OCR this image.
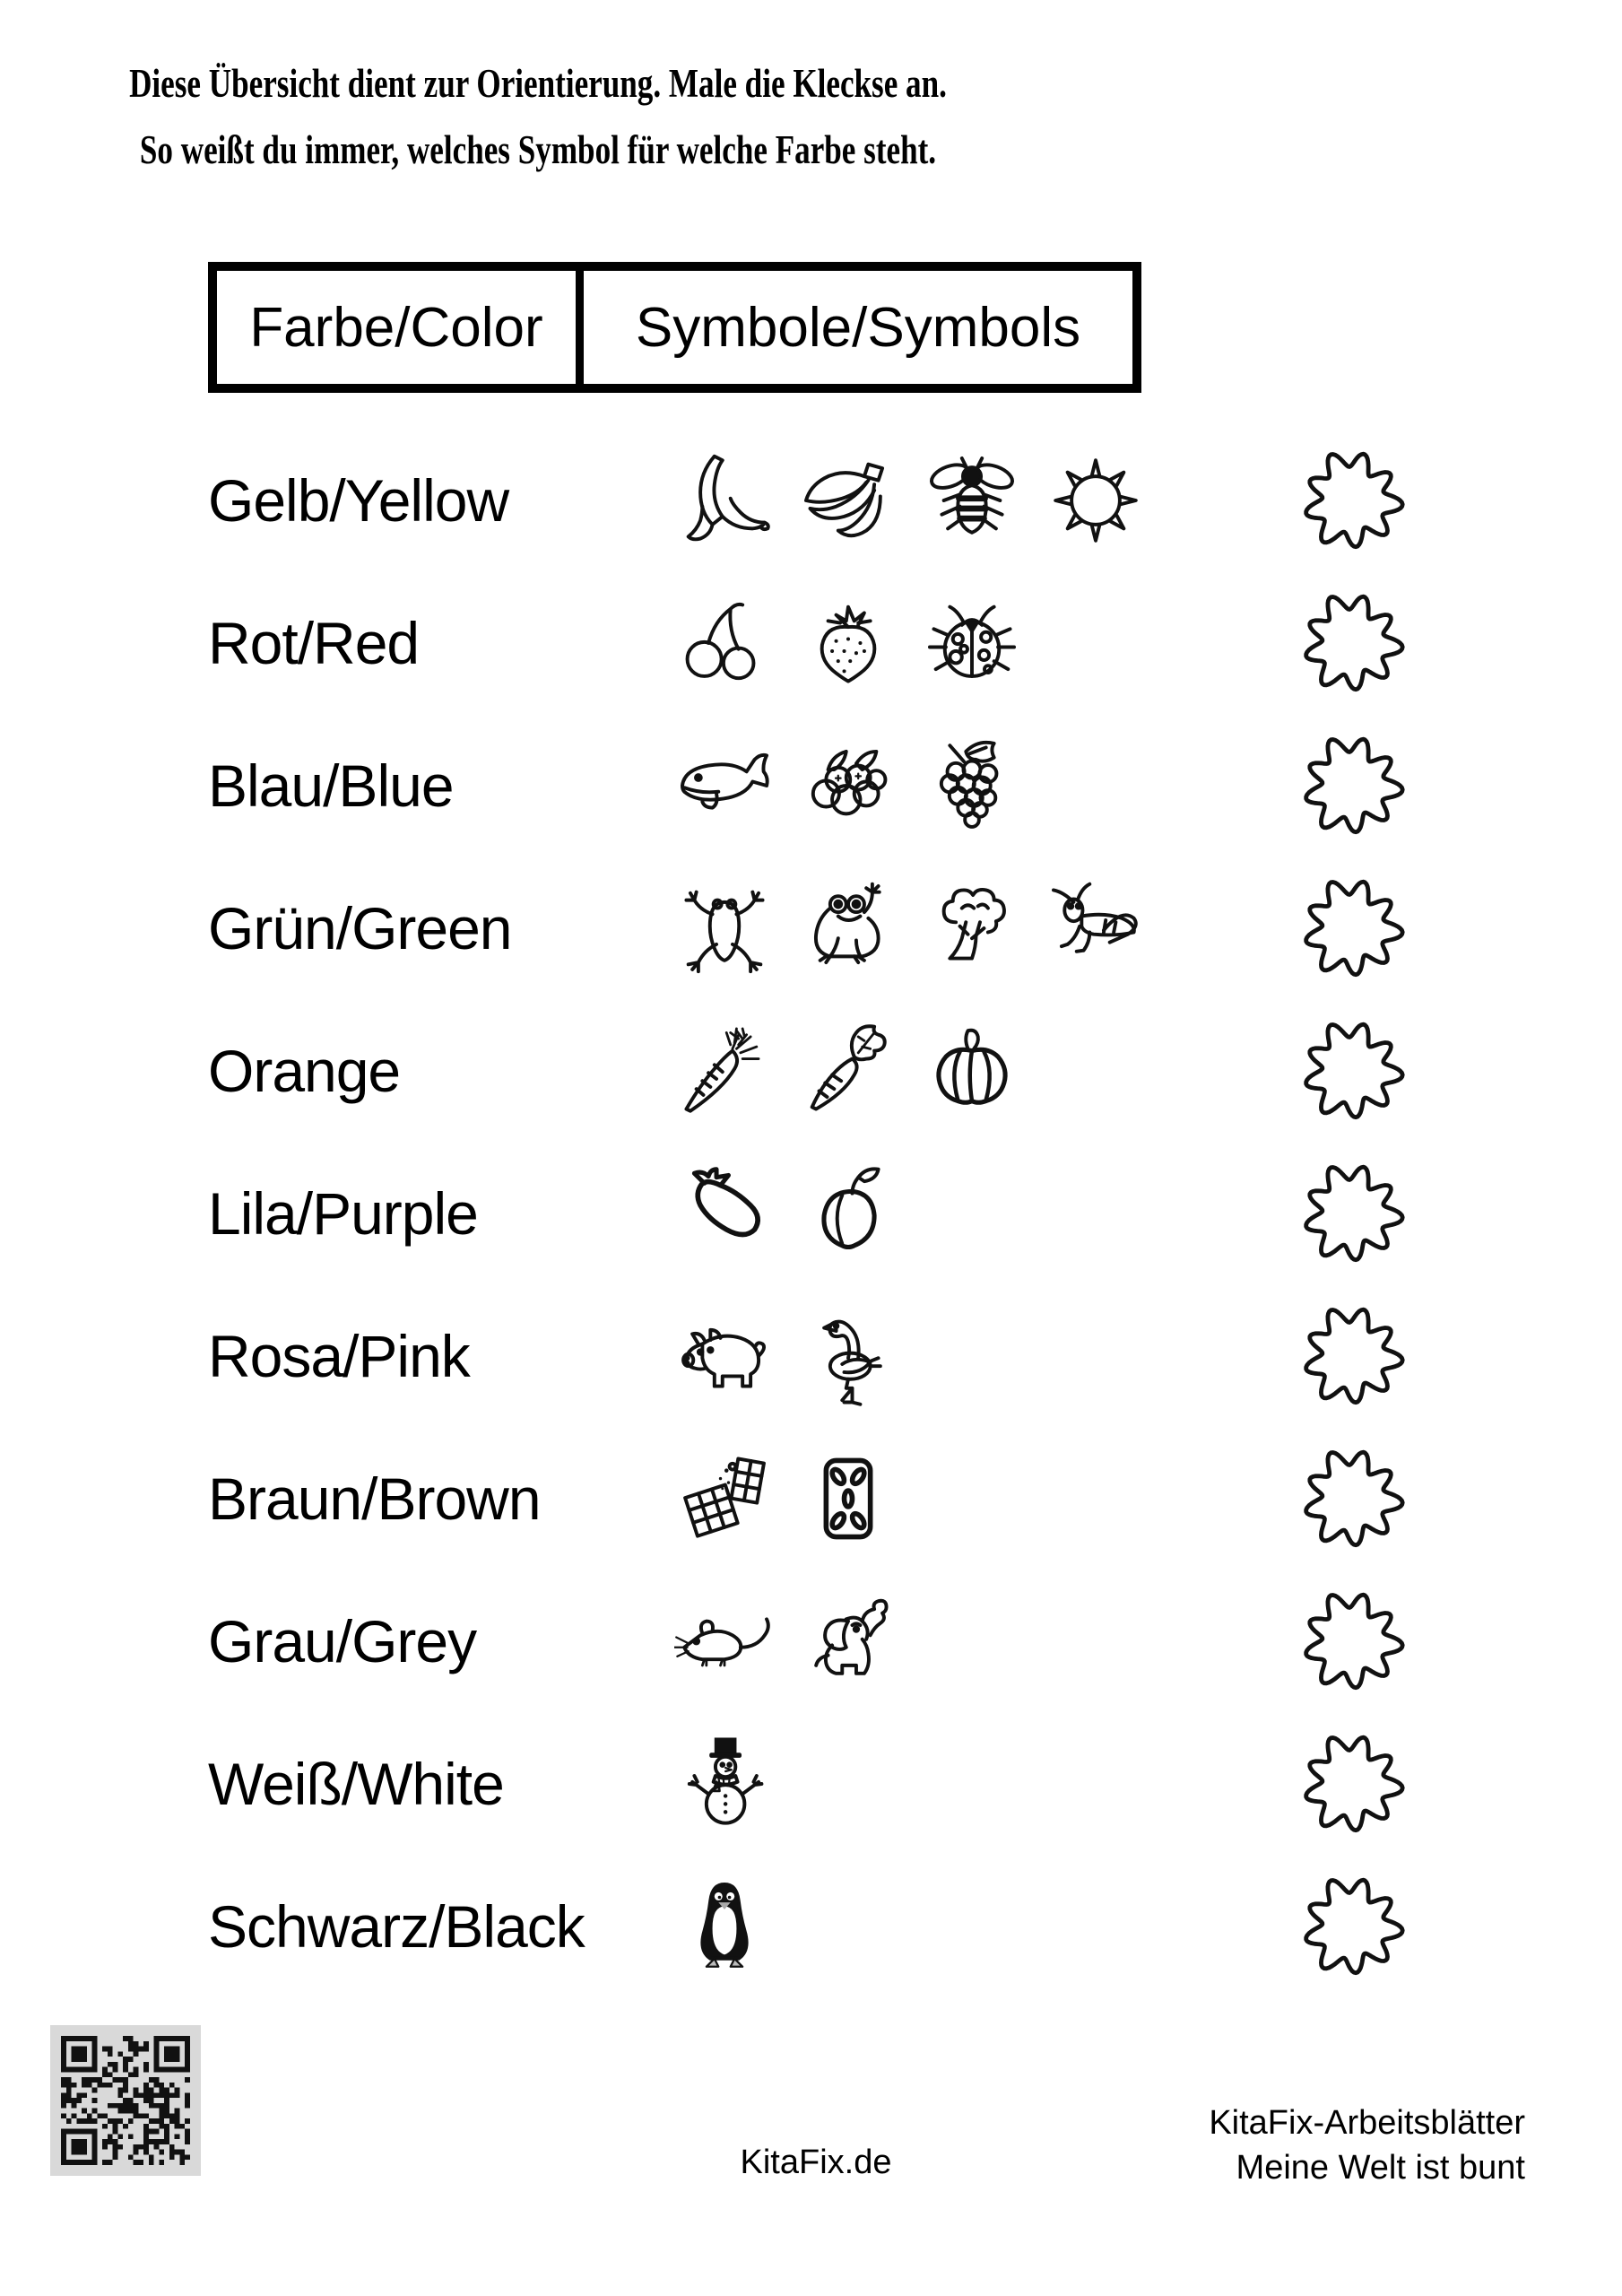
Diese Übersicht dient zur Orientierung. Male die Kleckse an.
So weißt du immer, welches Symbol für welche Farbe steht.
Farbe/Color	Symbole/Symbols
Gelb/Yellow
Rot/Red
Blau/Blue
Grün/Green
Orange
Lila/Purple
Rosa/Pink
Braun/Brown
Grau/Grey
Weiß/White
Schwarz/Black
KitaFix.de
KitaFix-Arbeitsblätter
Meine Welt ist bunt
